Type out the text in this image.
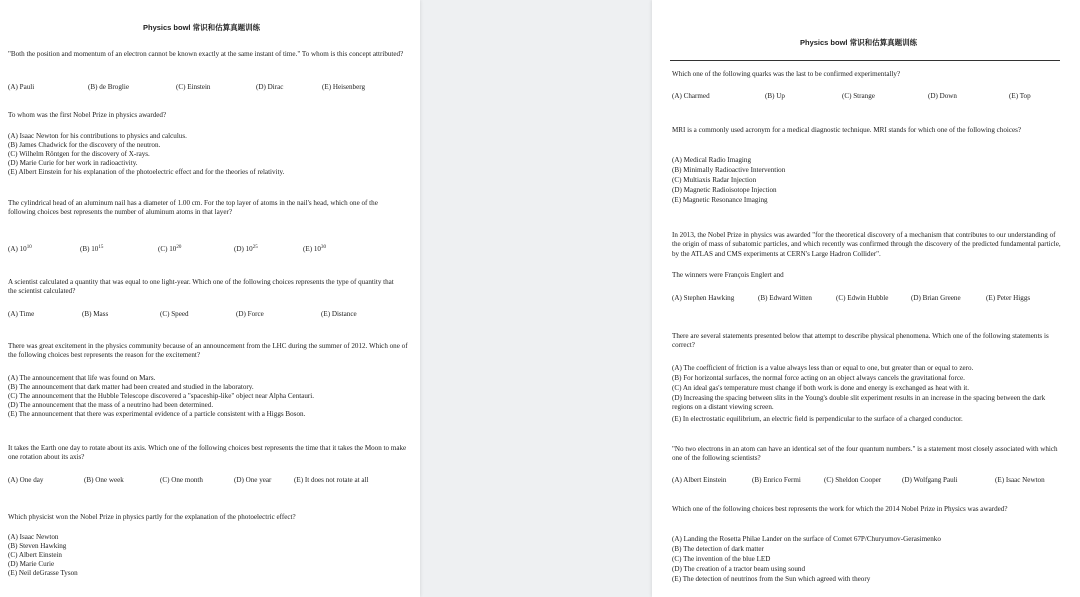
Physics bowl 常识和估算真题训练
"Both the position and momentum of an electron cannot be known exactly at the same instant of time." To whom is this concept attributed?
(A) Pauli	(B) de Broglie	(C) Einstein	(D) Dirac	(E) Heisenberg
To whom was the first Nobel Prize in physics awarded?
(A) Isaac Newton for his contributions to physics and calculus.
(B) James Chadwick for the discovery of the neutron.
(C) Wilhelm Röntgen for the discovery of X-rays.
(D) Marie Curie for her work in radioactivity.
(E) Albert Einstein for his explanation of the photoelectric effect and for the theories of relativity.
The cylindrical head of an aluminum nail has a diameter of 1.00 cm. For the top layer of atoms in the nail's head, which one of the following choices best represents the number of aluminum atoms in that layer?
(A) $10^{10}$	(B) $10^{15}$	(C) $10^{20}$	(D) $10^{25}$	(E) $10^{30}$
A scientist calculated a quantity that was equal to one light-year. Which one of the following choices represents the type of quantity that the scientist calculated?
(A) Time	(B) Mass	(C) Speed	(D) Force	(E) Distance
There was great excitement in the physics community because of an announcement from the LHC during the summer of 2012. Which one of the following choices best represents the reason for the excitement?
(A) The announcement that life was found on Mars.
(B) The announcement that dark matter had been created and studied in the laboratory.
(C) The announcement that the Hubble Telescope discovered a "spaceship-like" object near Alpha Centauri.
(D) The announcement that the mass of a neutrino had been determined.
(E) The announcement that there was experimental evidence of a particle consistent with a Higgs Boson.
It takes the Earth one day to rotate about its axis. Which one of the following choices best represents the time that it takes the Moon to make one rotation about its axis?
(A) One day	(B) One week	(C) One month	(D) One year	(E) It does not rotate at all
Which physicist won the Nobel Prize in physics partly for the explanation of the photoelectric effect?
(A) Isaac Newton
(B) Steven Hawking
(C) Albert Einstein
(D) Marie Curie
(E) Neil deGrasse Tyson
Physics bowl 常识和估算真题训练
Which one of the following quarks was the last to be confirmed experimentally?
(A) Charmed	(B) Up	(C) Strange	(D) Down	(E) Top
MRI is a commonly used acronym for a medical diagnostic technique. MRI stands for which one of the following choices?
(A) Medical Radio Imaging
(B) Minimally Radioactive Intervention
(C) Multiaxis Radar Injection
(D) Magnetic Radioisotope Injection
(E) Magnetic Resonance Imaging
In 2013, the Nobel Prize in physics was awarded "for the theoretical discovery of a mechanism that contributes to our understanding of the origin of mass of subatomic particles, and which recently was confirmed through the discovery of the predicted fundamental particle, by the ATLAS and CMS experiments at CERN's Large Hadron Collider".
The winners were François Englert and
(A) Stephen Hawking	(B) Edward Witten	(C) Edwin Hubble	(D) Brian Greene	(E) Peter Higgs
There are several statements presented below that attempt to describe physical phenomena. Which one of the following statements is correct?
(A) The coefficient of friction is a value always less than or equal to one, but greater than or equal to zero.
(B) For horizontal surfaces, the normal force acting on an object always cancels the gravitational force.
(C) An ideal gas's temperature must change if both work is done and energy is exchanged as heat with it.
(D) Increasing the spacing between slits in the Young's double slit experiment results in an increase in the spacing between the dark regions on a distant viewing screen.
(E) In electrostatic equilibrium, an electric field is perpendicular to the surface of a charged conductor.
"No two electrons in an atom can have an identical set of the four quantum numbers." is a statement most closely associated with which one of the following scientists?
(A) Albert Einstein	(B) Enrico Fermi	(C) Sheldon Cooper	(D) Wolfgang Pauli	(E) Isaac Newton
Which one of the following choices best represents the work for which the 2014 Nobel Prize in Physics was awarded?
(A) Landing the Rosetta Philae Lander on the surface of Comet 67P/Churyumov-Gerasimenko
(B) The detection of dark matter
(C) The invention of the blue LED
(D) The creation of a tractor beam using sound
(E) The detection of neutrinos from the Sun which agreed with theory
